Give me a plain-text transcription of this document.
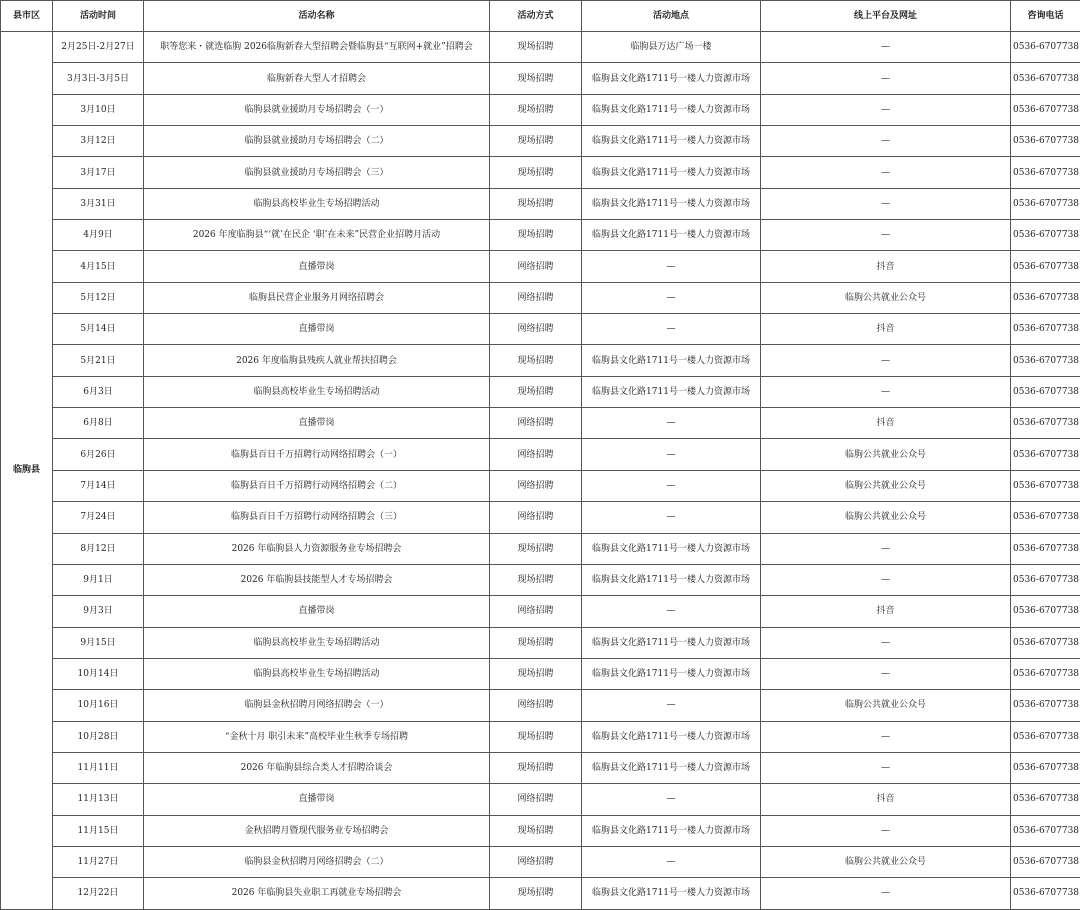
县市区	活动时间	活动名称	活动方式	活动地点	线上平台及网址	咨询电话
临朐县	2月25日-2月27日	职等您来・就选临朐 2026临朐新春大型招聘会暨临朐县“互联网+就业”招聘会	现场招聘	临朐县万达广场一楼	—	0536-6707738
	3月3日-3月5日	临朐新春大型人才招聘会	现场招聘	临朐县文化路1711号一楼人力资源市场	—	0536-6707738
	3月10日	临朐县就业援助月专场招聘会（一）	现场招聘	临朐县文化路1711号一楼人力资源市场	—	0536-6707738
	3月12日	临朐县就业援助月专场招聘会（二）	现场招聘	临朐县文化路1711号一楼人力资源市场	—	0536-6707738
	3月17日	临朐县就业援助月专场招聘会（三）	现场招聘	临朐县文化路1711号一楼人力资源市场	—	0536-6707738
	3月31日	临朐县高校毕业生专场招聘活动	现场招聘	临朐县文化路1711号一楼人力资源市场	—	0536-6707738
	4月9日	2026 年度临朐县“‘就’在民企 ‘职’在未来”民营企业招聘月活动	现场招聘	临朐县文化路1711号一楼人力资源市场	—	0536-6707738
	4月15日	直播带岗	网络招聘	—	抖音	0536-6707738
	5月12日	临朐县民营企业服务月网络招聘会	网络招聘	—	临朐公共就业公众号	0536-6707738
	5月14日	直播带岗	网络招聘	—	抖音	0536-6707738
	5月21日	2026 年度临朐县残疾人就业帮扶招聘会	现场招聘	临朐县文化路1711号一楼人力资源市场	—	0536-6707738
	6月3日	临朐县高校毕业生专场招聘活动	现场招聘	临朐县文化路1711号一楼人力资源市场	—	0536-6707738
	6月8日	直播带岗	网络招聘	—	抖音	0536-6707738
	6月26日	临朐县百日千万招聘行动网络招聘会（一）	网络招聘	—	临朐公共就业公众号	0536-6707738
	7月14日	临朐县百日千万招聘行动网络招聘会（二）	网络招聘	—	临朐公共就业公众号	0536-6707738
	7月24日	临朐县百日千万招聘行动网络招聘会（三）	网络招聘	—	临朐公共就业公众号	0536-6707738
	8月12日	2026 年临朐县人力资源服务业专场招聘会	现场招聘	临朐县文化路1711号一楼人力资源市场	—	0536-6707738
	9月1日	2026 年临朐县技能型人才专场招聘会	现场招聘	临朐县文化路1711号一楼人力资源市场	—	0536-6707738
	9月3日	直播带岗	网络招聘	—	抖音	0536-6707738
	9月15日	临朐县高校毕业生专场招聘活动	现场招聘	临朐县文化路1711号一楼人力资源市场	—	0536-6707738
	10月14日	临朐县高校毕业生专场招聘活动	现场招聘	临朐县文化路1711号一楼人力资源市场	—	0536-6707738
	10月16日	临朐县金秋招聘月网络招聘会（一）	网络招聘	—	临朐公共就业公众号	0536-6707738
	10月28日	“金秋十月 职引未来”高校毕业生秋季专场招聘	现场招聘	临朐县文化路1711号一楼人力资源市场	—	0536-6707738
	11月11日	2026 年临朐县综合类人才招聘洽谈会	现场招聘	临朐县文化路1711号一楼人力资源市场	—	0536-6707738
	11月13日	直播带岗	网络招聘	—	抖音	0536-6707738
	11月15日	金秋招聘月暨现代服务业专场招聘会	现场招聘	临朐县文化路1711号一楼人力资源市场	—	0536-6707738
	11月27日	临朐县金秋招聘月网络招聘会（二）	网络招聘	—	临朐公共就业公众号	0536-6707738
	12月22日	2026 年临朐县失业职工再就业专场招聘会	现场招聘	临朐县文化路1711号一楼人力资源市场	—	0536-6707738
